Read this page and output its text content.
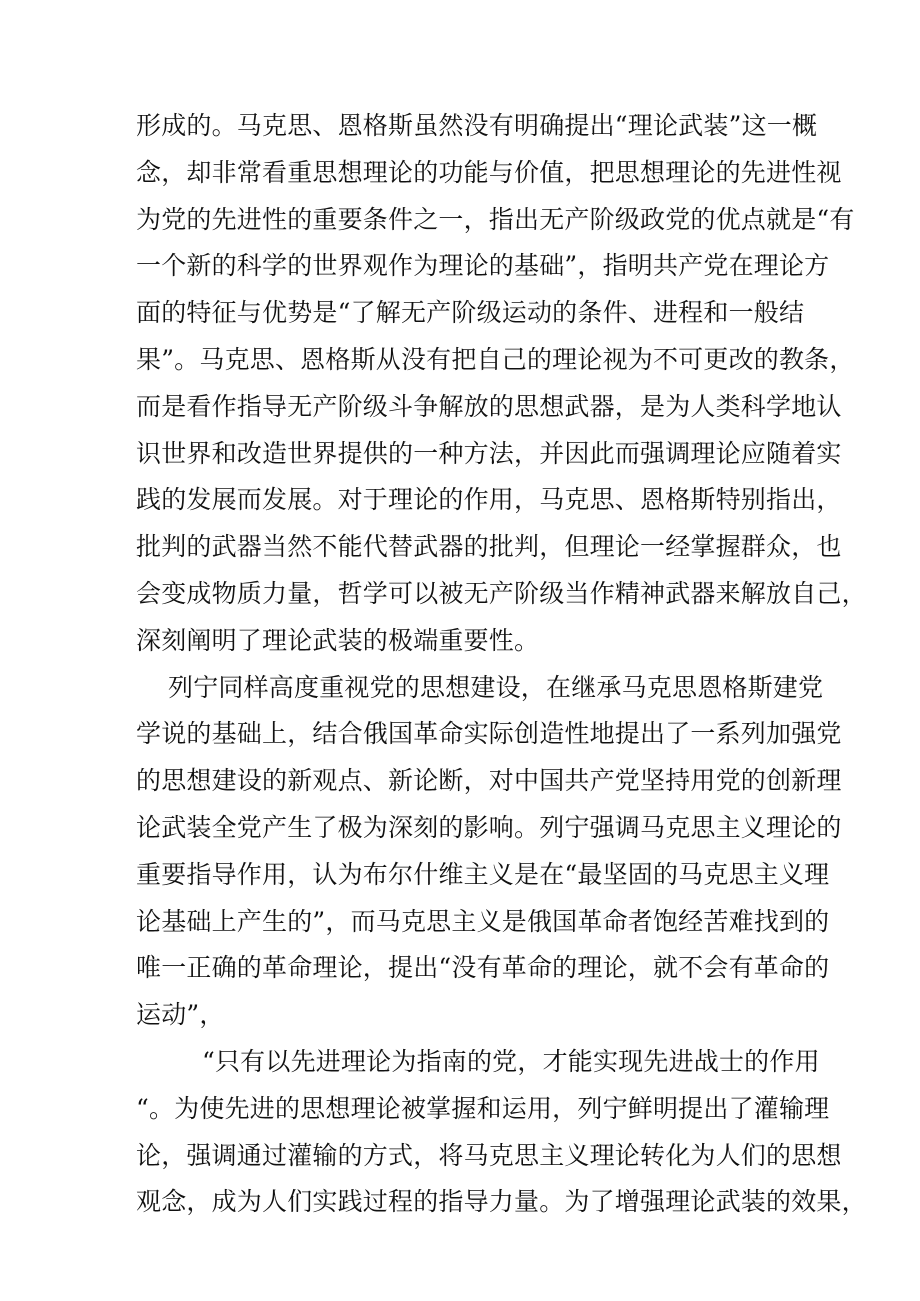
形成的。马克思、恩格斯虽然没有明确提出“理论武装”这一概
念，却非常看重思想理论的功能与价值，把思想理论的先进性视
为党的先进性的重要条件之一，指出无产阶级政党的优点就是“有
一个新的科学的世界观作为理论的基础”，指明共产党在理论方
面的特征与优势是“了解无产阶级运动的条件、进程和一般结
果”。马克思、恩格斯从没有把自己的理论视为不可更改的教条，
而是看作指导无产阶级斗争解放的思想武器，是为人类科学地认
识世界和改造世界提供的一种方法，并因此而强调理论应随着实
践的发展而发展。对于理论的作用，马克思、恩格斯特别指出，
批判的武器当然不能代替武器的批判，但理论一经掌握群众，也
会变成物质力量，哲学可以被无产阶级当作精神武器来解放自己，
深刻阐明了理论武装的极端重要性。
列宁同样高度重视党的思想建设，在继承马克思恩格斯建党
学说的基础上，结合俄国革命实际创造性地提出了一系列加强党
的思想建设的新观点、新论断，对中国共产党坚持用党的创新理
论武装全党产生了极为深刻的影响。列宁强调马克思主义理论的
重要指导作用，认为布尔什维主义是在“最坚固的马克思主义理
论基础上产生的”，而马克思主义是俄国革命者饱经苦难找到的
唯一正确的革命理论，提出“没有革命的理论，就不会有革命的
运动”，
“只有以先进理论为指南的党，才能实现先进战士的作用
“。为使先进的思想理论被掌握和运用，列宁鲜明提出了灌输理
论，强调通过灌输的方式，将马克思主义理论转化为人们的思想
观念，成为人们实践过程的指导力量。为了增强理论武装的效果，
